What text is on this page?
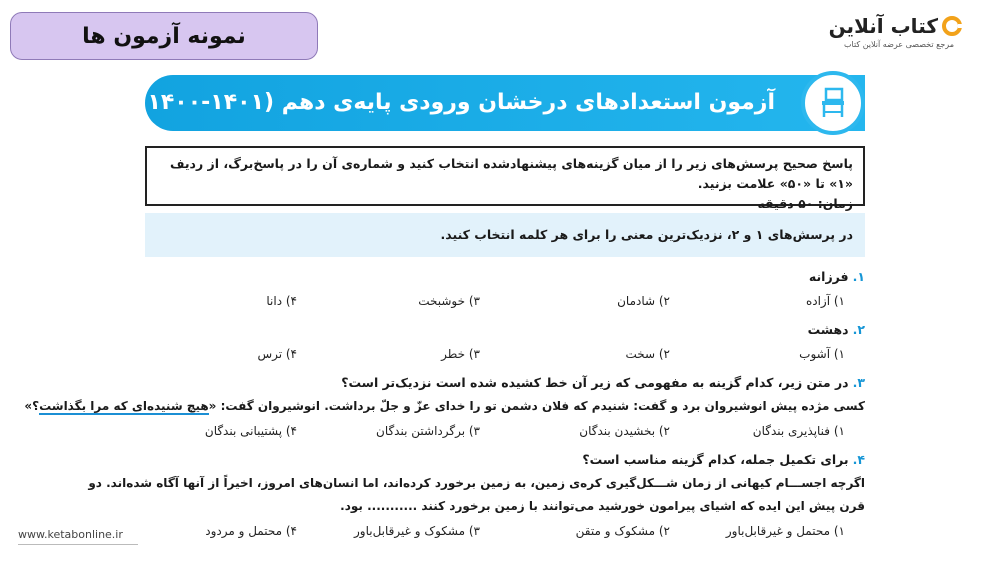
نمونه آزمون ها	کتاب آنلاین
مرجع تخصصی عرضه آنلاین کتاب
آزمون استعدادهای درخشان ورودی پایه‌ی دهم (۱۴۰۱-۱۴۰۰)
پاسخ صحیح پرسش‌های زیر را از میان گزینه‌های پیشنهادشده انتخاب کنید و شماره‌ی آن را در پاسخ‌برگ، از ردیف «۱» تا «۵۰» علامت بزنید.
زمان: ۵۰ دقیقه
در پرسش‌های ۱ و ۲، نزدیک‌ترین معنی را برای هر کلمه انتخاب کنید.
۱.فرزانه
۱) آزاده
۲) شادمان
۳) خوشبخت
۴) دانا
۲.دهشت
۱) آشوب
۲) سخت
۳) خطر
۴) ترس
۳.در متن زیر، کدام گزینه به مفهومی که زیر آن خط کشیده شده است نزدیک‌تر است؟
کسی مژده پیش انوشیروان برد و گفت: شنیدم که فلان دشمن تو را خدای عزّ و جلّ برداشت. انوشیروان گفت: «هیچ شنیده‌ای که مرا بگذاشت؟»
۱) فناپذیری بندگان
۲) بخشیدن بندگان
۳) برگرداشتن بندگان
۴) پشتیبانی بندگان
۴.برای تکمیل جمله، کدام گزینه مناسب است؟
اگرچه اجســـام کیهانی از زمان شـــکل‌گیری کره‌ی زمین، به زمین برخورد کرده‌اند، اما انسان‌های امروز، اخیراً از آنها آگاه شده‌اند. دو
قرن پیش این ایده که اشیای پیرامون خورشید می‌توانند با زمین برخورد کنند ........... بود.
۱) محتمل و غیرقابل‌باور
۲) مشکوک و متقن
۳) مشکوک و غیرقابل‌باور
۴) محتمل و مردود
www.ketabonline.ir
